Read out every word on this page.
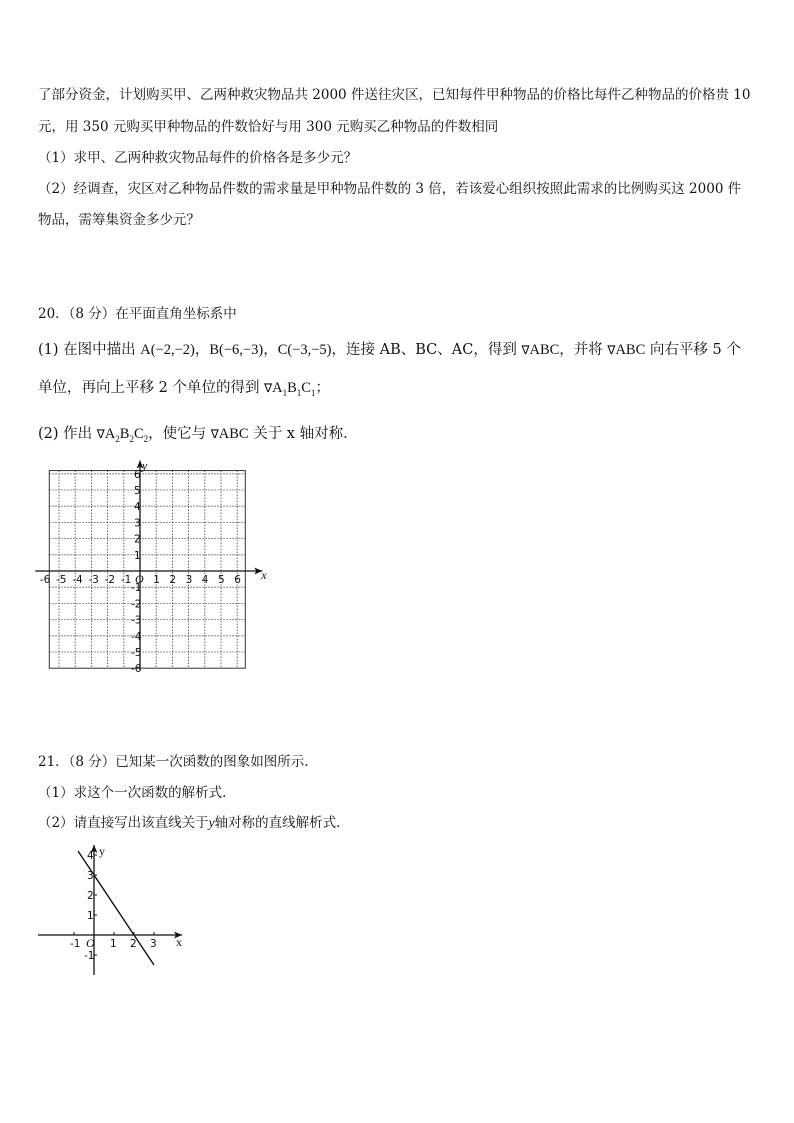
了部分资金，计划购买甲、乙两种救灾物品共 2000 件送往灾区，已知每件甲种物品的价格比每件乙种物品的价格贵 10
元，用 350 元购买甲种物品的件数恰好与用 300 元购买乙种物品的件数相同
（1）求甲、乙两种救灾物品每件的价格各是多少元？
（2）经调查，灾区对乙种物品件数的需求量是甲种物品件数的 3 倍，若该爱心组织按照此需求的比例购买这 2000 件
物品，需筹集资金多少元？
20．（8 分）在平面直角坐标系中
(1) 在图中描出 A(−2,−2)，B(−6,−3)，C(−3,−5)，连接 AB、BC、AC，得到 ∇ABC，并将 ∇ABC 向右平移 5 个
单位，再向上平移 2 个单位的得到 $\nabla A_1B_1C_1$；
(2) 作出 $\nabla A_2B_2C_2$，使它与 ∇ABC 关于 x 轴对称．
-6 -5 -4 -3 -2 -1 1 2 3 4 5 6
6
5
4
3
2
1
-1
-2
-3
-4
-5
-6
O	x
y
21．（8 分）已知某一次函数的图象如图所示.
（1）求这个一次函数的解析式．
（2）请直接写出该直线关于y轴对称的直线解析式．
-1	1 2 3
4
3
2
1
-1
O	x
y
